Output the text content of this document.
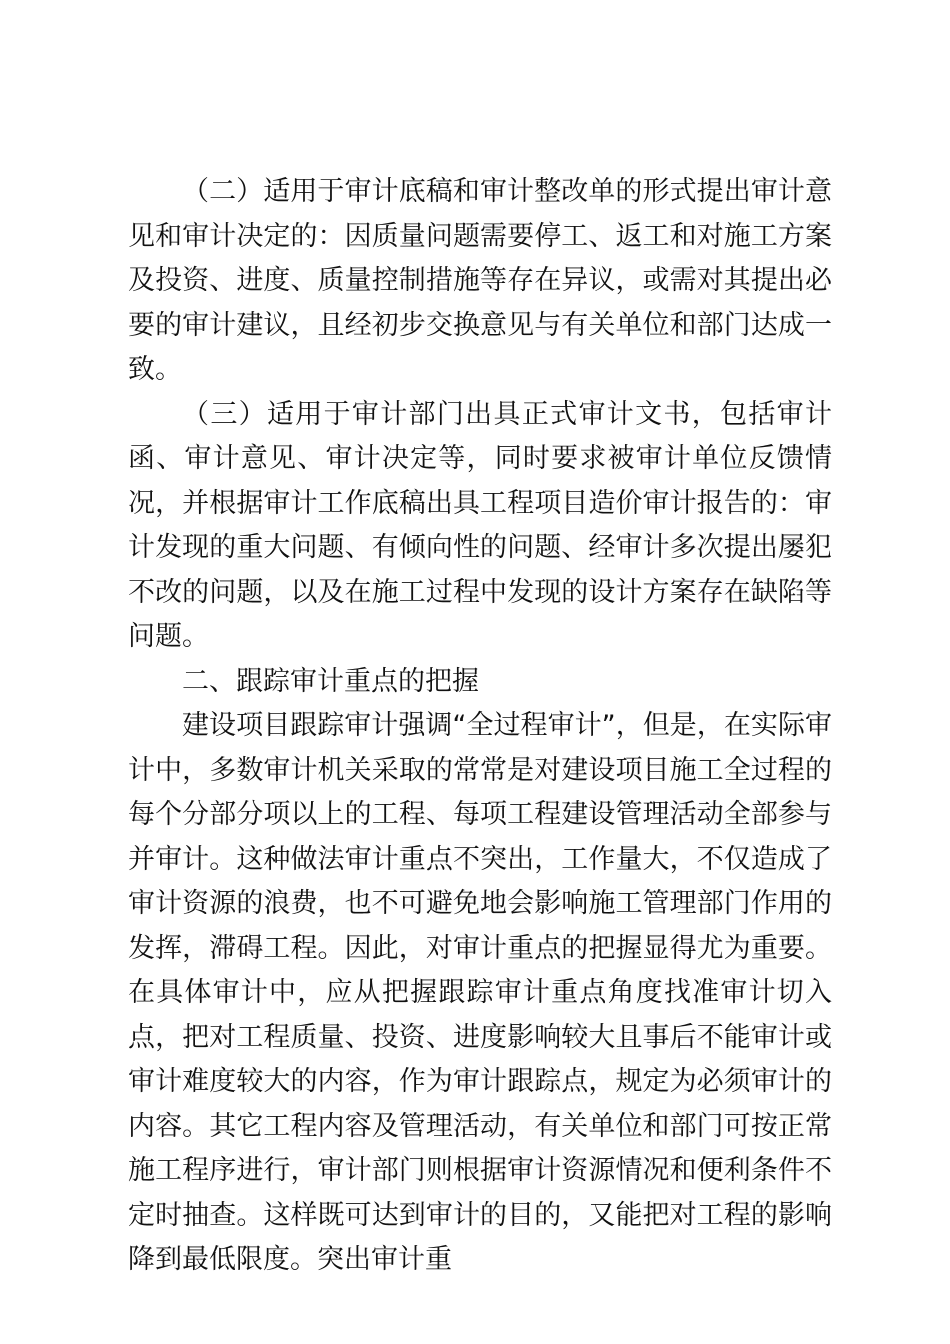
（二）适用于审计底稿和审计整改单的形式提出审计意见和审计决定的：因质量问题需要停工、返工和对施工方案及投资、进度、质量控制措施等存在异议，或需对其提出必要的审计建议，且经初步交换意见与有关单位和部门达成一致。

（三）适用于审计部门出具正式审计文书，包括审计函、审计意见、审计决定等，同时要求被审计单位反馈情况，并根据审计工作底稿出具工程项目造价审计报告的：审计发现的重大问题、有倾向性的问题、经审计多次提出屡犯不改的问题，以及在施工过程中发现的设计方案存在缺陷等问题。

二、跟踪审计重点的把握

建设项目跟踪审计强调“全过程审计”，但是，在实际审计中，多数审计机关采取的常常是对建设项目施工全过程的每个分部分项以上的工程、每项工程建设管理活动全部参与并审计。这种做法审计重点不突出，工作量大，不仅造成了审计资源的浪费，也不可避免地会影响施工管理部门作用的发挥，滞碍工程。因此，对审计重点的把握显得尤为重要。在具体审计中，应从把握跟踪审计重点角度找准审计切入点，把对工程质量、投资、进度影响较大且事后不能审计或审计难度较大的内容，作为审计跟踪点，规定为必须审计的内容。其它工程内容及管理活动，有关单位和部门可按正常施工程序进行，审计部门则根据审计资源情况和便利条件不定时抽查。这样既可达到审计的目的，又能把对工程的影响降到最低限度。突出审计重
